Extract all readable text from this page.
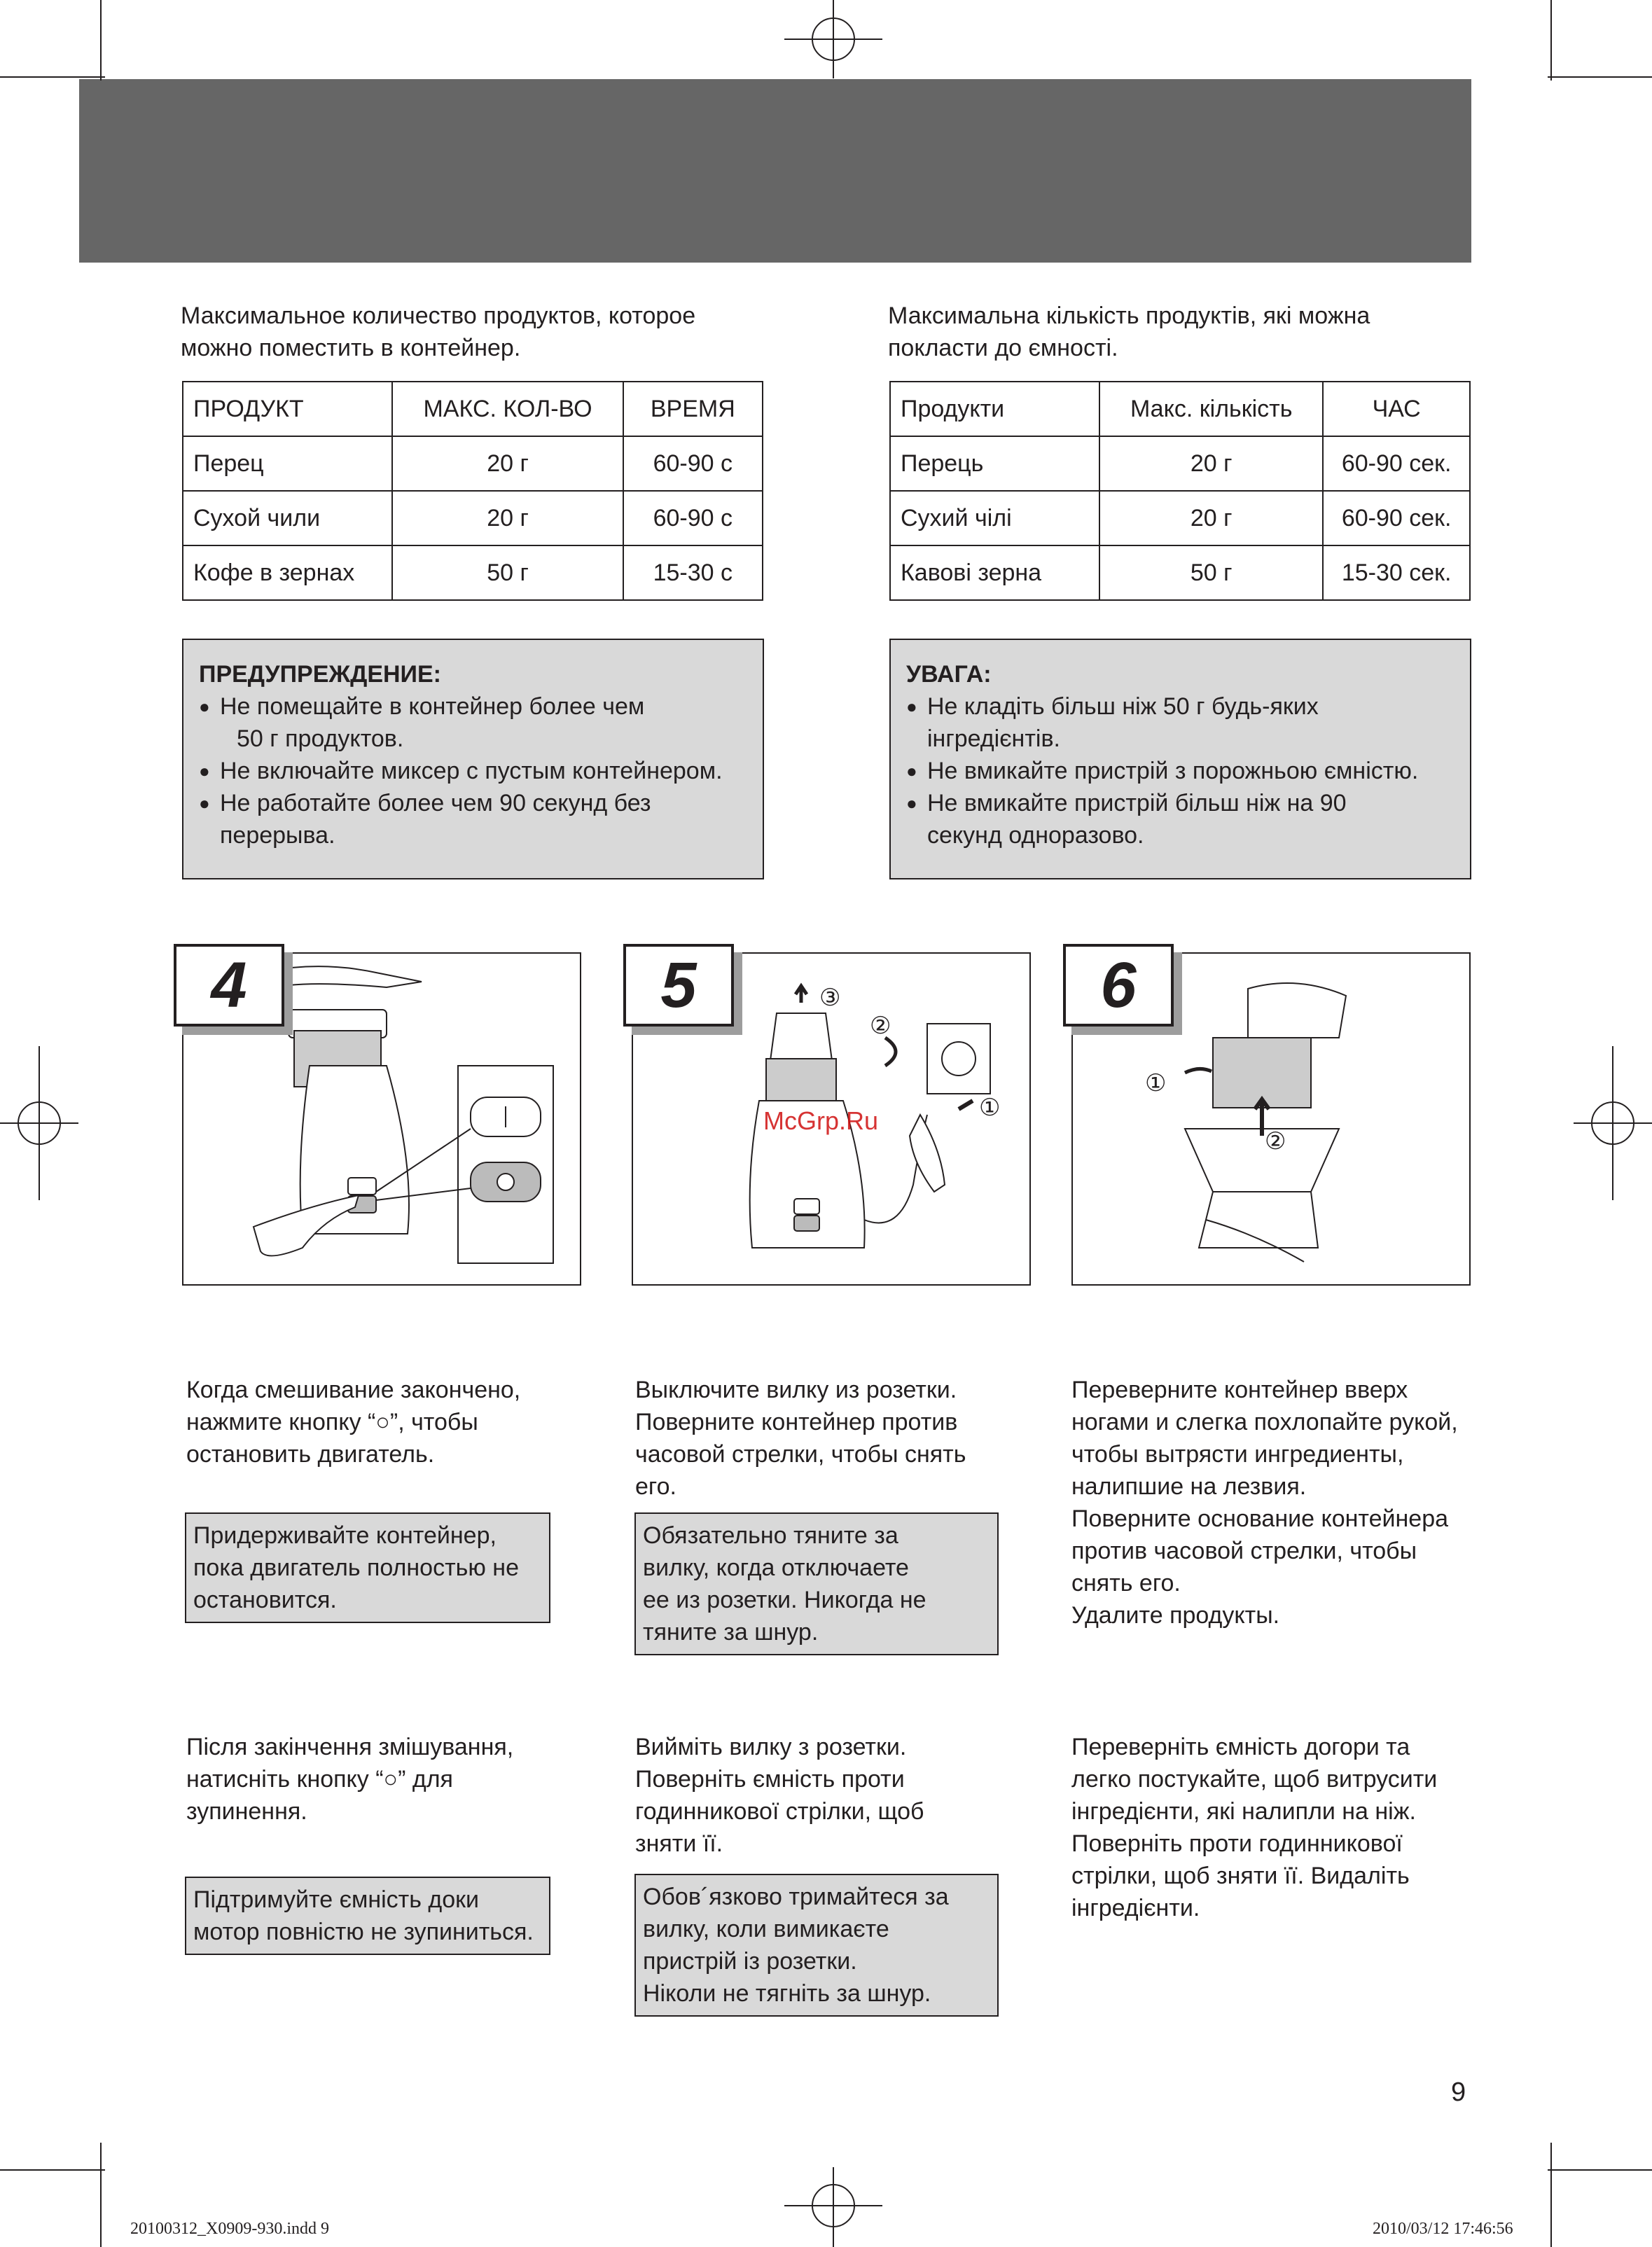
Максимальное количество продуктов, которое
можно поместить в контейнер.
Максимальна кількість продуктів, які можна
покласти до ємності.
ПРОДУКТ	МАКС. КОЛ-ВО	ВРЕМЯ
Перец	20 г	60-90 с
Сухой чили	20 г	60-90 с
Кофе в зернах	50 г	15-30 с
Продукти	Макс. кількість	ЧАС
Перець	20 г	60-90 сек.
Сухий чілі	20 г	60-90 сек.
Кавові зерна	50 г	15-30 сек.
ПРЕДУПРЕЖДЕНИЕ:
● Не помещайте в контейнер более чем
50 г продуктов.
● Не включайте миксер с пустым контейнером.
● Не работайте более чем 90 секунд без
перерыва.
УВАГА:
● Не кладіть більш ніж 50 г будь-яких
інгредієнтів.
● Не вмикайте пристрій з порожньою ємністю.
● Не вмикайте пристрій більш ніж на 90
секунд одноразово.
4	5	③
②
①
McGrp.Ru
6
①
②
Когда смешивание закончено,
нажмите кнопку “○”, чтобы
остановить двигатель.
Придерживайте контейнер,
пока двигатель полностью не
остановится.
Після закінчення змішування,
натисніть кнопку “○” для
зупинення.
Підтримуйте ємність доки
мотор повністю не зупиниться.
Выключите вилку из розетки.
Поверните контейнер против
часовой стрелки, чтобы снять
его.
Обязательно тяните за
вилку, когда отключаете
ее из розетки. Никогда не
тяните за шнур.
Вийміть вилку з розетки.
Поверніть ємність проти
годинникової стрілки, щоб
зняти її.
Обов´язково тримайтеся за
вилку, коли вимикаєте
пристрій із розетки.
Ніколи не тягніть за шнур.
Переверните контейнер вверх
ногами и слегка похлопайте рукой,
чтобы вытрясти ингредиенты,
налипшие на лезвия.
Поверните основание контейнера
против часовой стрелки, чтобы
снять его.
Удалите продукты.
Переверніть ємність догори та
легко постукайте, щоб витрусити
інгредієнти, які налипли на ніж.
Поверніть проти годинникової
стрілки, щоб зняти її. Видаліть
інгредієнти.
9
20100312_X0909-930.indd 9	2010/03/12 17:46:56
